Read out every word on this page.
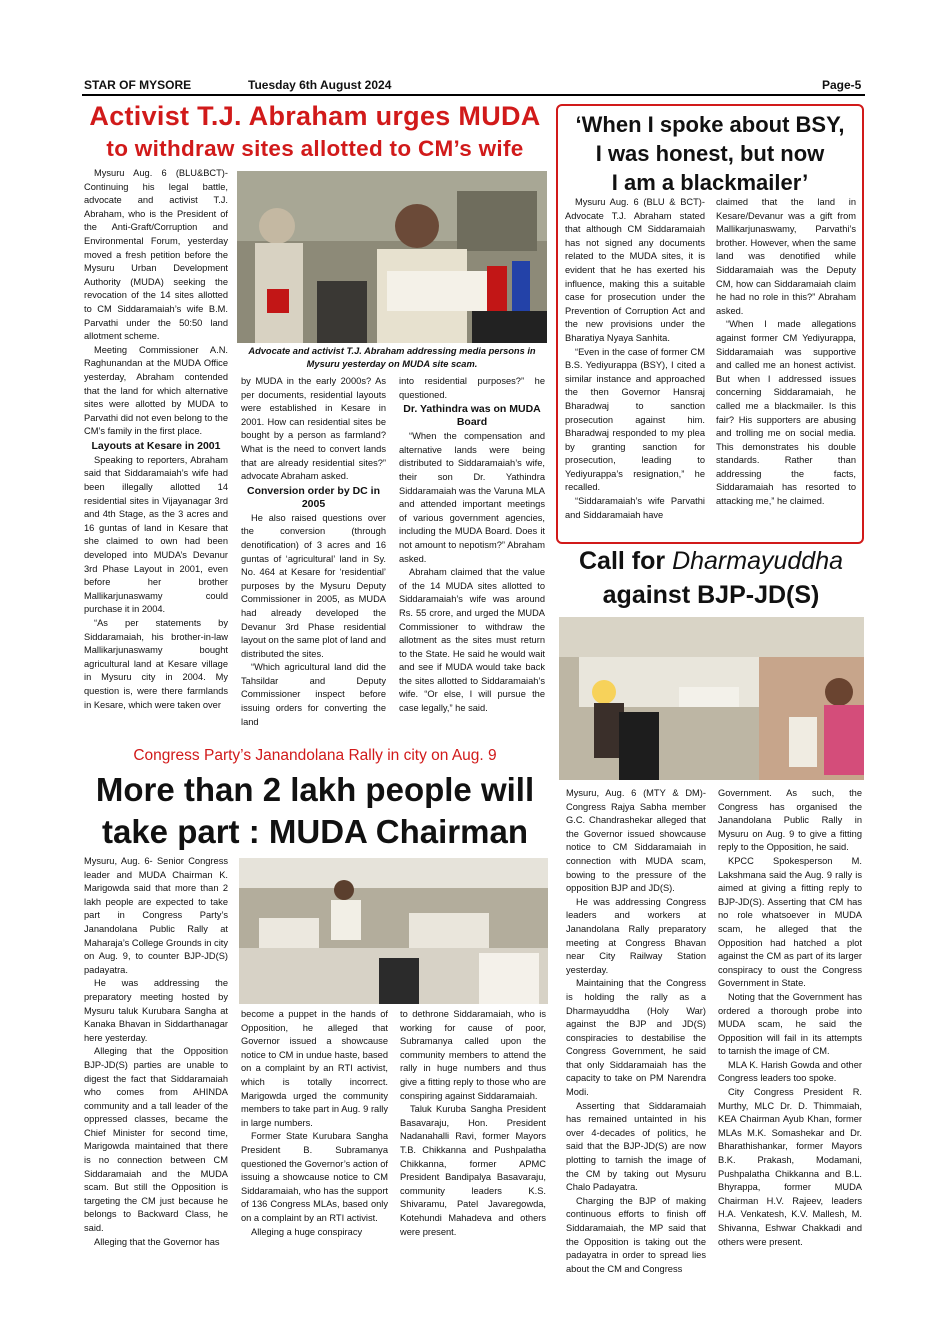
STAR OF MYSORE	Tuesday 6th August 2024	Page-5
Activist T.J. Abraham urges MUDA
to withdraw sites allotted to CM’s wife

Mysuru Aug. 6 (BLU&BCT)- Continuing his legal battle, advocate and activist T.J. Abraham, who is the President of the Anti-Graft/Corruption and Environmental Forum, yesterday moved a fresh petition before the Mysuru Urban Development Authority (MUDA) seeking the revocation of the 14 sites allotted to CM Siddaramaiah’s wife B.M. Parvathi under the 50:50 land allotment scheme.

Meeting Commissioner A.N. Raghunandan at the MUDA Office yesterday, Abraham contended that the land for which alternative sites were allotted by MUDA to Parvathi did not even belong to the CM’s family in the first place.

Layouts at Kesare in 2001

Speaking to reporters, Abraham said that Siddaramaiah’s wife had been illegally allotted 14 residential sites in Vijayanagar 3rd and 4th Stage, as the 3 acres and 16 guntas of land in Kesare that she claimed to own had been developed into MUDA’s Devanur 3rd Phase Layout in 2001, even before her brother Mallikarjunaswamy could purchase it in 2004.

“As per statements by Siddaramaiah, his brother-in-law Mallikarjunaswamy bought agricultural land at Kesare village in Mysuru city in 2004. My question is, were there farmlands in Kesare, which were taken over

Advocate and activist T.J. Abraham addressing media persons in Mysuru yesterday on MUDA site scam.

by MUDA in the early 2000s? As per documents, residential layouts were established in Kesare in 2001. How can residential sites be bought by a person as farmland? What is the need to convert lands that are already residential sites?” advocate Abraham asked.

Conversion order by DC in 2005

He also raised questions over the conversion (through denotification) of 3 acres and 16 guntas of ‘agricultural’ land in Sy. No. 464 at Kesare for ‘residential’ purposes by the Mysuru Deputy Commissioner in 2005, as MUDA had already developed the Devanur 3rd Phase residential layout on the same plot of land and distributed the sites.

“Which agricultural land did the Tahsildar and Deputy Commissioner inspect before issuing orders for converting the land

into residential purposes?” he questioned.

Dr. Yathindra was on MUDA Board

“When the compensation and alternative lands were being distributed to Siddaramaiah’s wife, their son Dr. Yathindra Siddaramaiah was the Varuna MLA and attended important meetings of various government agencies, including the MUDA Board. Does it not amount to nepotism?” Abraham asked.

Abraham claimed that the value of the 14 MUDA sites allotted to Siddaramaiah’s wife was around Rs. 55 crore, and urged the MUDA Commissioner to withdraw the allotment as the sites must return to the State. He said he would wait and see if MUDA would take back the sites allotted to Siddaramaiah’s wife. “Or else, I will pursue the case legally,” he said.

‘When I spoke about BSY,
I was honest, but now
I am a blackmailer’

Mysuru Aug. 6 (BLU & BCT)- Advocate T.J. Abraham stated that although CM Siddaramaiah has not signed any documents related to the MUDA sites, it is evident that he has exerted his influence, making this a suitable case for prosecution under the Prevention of Corruption Act and the new provisions under the Bharatiya Nyaya Sanhita.

“Even in the case of former CM B.S. Yediyurappa (BSY), I cited a similar instance and approached the then Governor Hansraj Bharadwaj to sanction prosecution against him. Bharadwaj responded to my plea by granting sanction for prosecution, leading to Yediyurappa’s resignation,” he recalled.

“Siddaramaiah’s wife Parvathi and Siddaramaiah have

claimed that the land in Kesare/Devanur was a gift from Mallikarjunaswamy, Parvathi’s brother. However, when the same land was denotified while Siddaramaiah was the Deputy CM, how can Siddaramaiah claim he had no role in this?” Abraham asked.

“When I made allegations against former CM Yediyurappa, Siddaramaiah was supportive and called me an honest activist. But when I addressed issues concerning Siddaramaiah, he called me a blackmailer. Is this fair? His supporters are abusing and trolling me on social media. This demonstrates his double standards. Rather than addressing the facts, Siddaramaiah has resorted to attacking me,” he claimed.

Call for Dharmayuddha
against BJP-JD(S)

Mysuru, Aug. 6 (MTY & DM)- Congress Rajya Sabha member G.C. Chandrashekar alleged that the Governor issued showcause notice to CM Siddaramaiah in connection with MUDA scam, bowing to the pressure of the opposition BJP and JD(S).

He was addressing Congress leaders and workers at Janandolana Rally preparatory meeting at Congress Bhavan near City Railway Station yesterday.

Maintaining that the Congress is holding the rally as a Dharmayuddha (Holy War) against the BJP and JD(S) conspiracies to destabilise the Congress Government, he said that only Siddaramaiah has the capacity to take on PM Narendra Modi.

Asserting that Siddaramaiah has remained untainted in his over 4-decades of politics, he said that the BJP-JD(S) are now plotting to tarnish the image of the CM by taking out Mysuru Chalo Padayatra.

Charging the BJP of making continuous efforts to finish off Siddaramaiah, the MP said that the Opposition is taking out the padayatra in order to spread lies about the CM and Congress

Government. As such, the Congress has organised the Janandolana Public Rally in Mysuru on Aug. 9 to give a fitting reply to the Opposition, he said.

KPCC Spokesperson M. Lakshmana said the Aug. 9 rally is aimed at giving a fitting reply to BJP-JD(S). Asserting that CM has no role whatsoever in MUDA scam, he alleged that the Opposition had hatched a plot against the CM as part of its larger conspiracy to oust the Congress Government in State.

Noting that the Government has ordered a thorough probe into MUDA scam, he said the Opposition will fail in its attempts to tarnish the image of CM.

MLA K. Harish Gowda and other Congress leaders too spoke.

City Congress President R. Murthy, MLC Dr. D. Thimmaiah, KEA Chairman Ayub Khan, former MLAs M.K. Somashekar and Dr. Bharathishankar, former Mayors B.K. Prakash, Modamani, Pushpalatha Chikkanna and B.L. Bhyrappa, former MUDA Chairman H.V. Rajeev, leaders H.A. Venkatesh, K.V. Mallesh, M. Shivanna, Eshwar Chakkadi and others were present.

Congress Party’s Janandolana Rally in city on Aug. 9
More than 2 lakh people will
take part : MUDA Chairman

Mysuru, Aug. 6- Senior Congress leader and MUDA Chairman K. Marigowda said that more than 2 lakh people are expected to take part in Congress Party’s Janandolana Public Rally at Maharaja’s College Grounds in city on Aug. 9, to counter BJP-JD(S) padayatra.

He was addressing the preparatory meeting hosted by Mysuru taluk Kurubara Sangha at Kanaka Bhavan in Siddarthanagar here yesterday.

Alleging that the Opposition BJP-JD(S) parties are unable to digest the fact that Siddaramaiah who comes from AHINDA community and a tall leader of the oppressed classes, became the Chief Minister for second time, Marigowda maintained that there is no connection between CM Siddaramaiah and the MUDA scam. But still the Opposition is targeting the CM just because he belongs to Backward Class, he said.

Alleging that the Governor has

become a puppet in the hands of Opposition, he alleged that Governor issued a showcause notice to CM in undue haste, based on a complaint by an RTI activist, which is totally incorrect. Marigowda urged the community members to take part in Aug. 9 rally in large numbers.

Former State Kurubara Sangha President B. Subramanya questioned the Governor’s action of issuing a showcause notice to CM Siddaramaiah, who has the support of 136 Congress MLAs, based only on a complaint by an RTI activist.

Alleging a huge conspiracy

to dethrone Siddaramaiah, who is working for cause of poor, Subramanya called upon the community members to attend the rally in huge numbers and thus give a fitting reply to those who are conspiring against Siddaramaiah.

Taluk Kuruba Sangha President Basavaraju, Hon. President Nadanahalli Ravi, former Mayors T.B. Chikkanna and Pushpalatha Chikkanna, former APMC President Bandipalya Basavaraju, community leaders K.S. Shivaramu, Patel Javaregowda, Kotehundi Mahadeva and others were present.
